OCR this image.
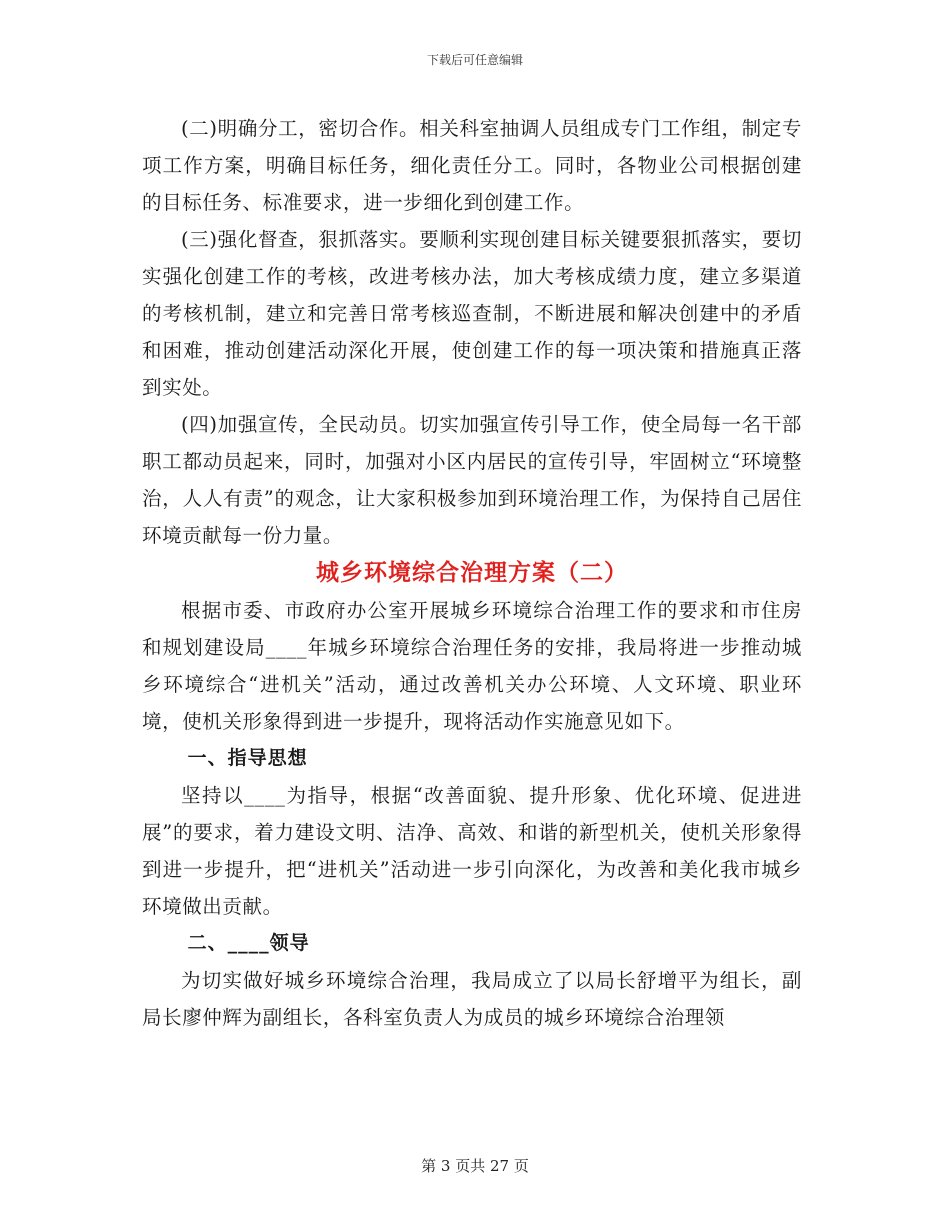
下载后可任意编辑

(二)明确分工，密切合作。相关科室抽调人员组成专门工作组，制定专项工作方案，明确目标任务，细化责任分工。同时，各物业公司根据创建的目标任务、标准要求，进一步细化到创建工作。

(三)强化督查，狠抓落实。要顺利实现创建目标关键要狠抓落实，要切实强化创建工作的考核，改进考核办法，加大考核成绩力度，建立多渠道的考核机制，建立和完善日常考核巡查制，不断进展和解决创建中的矛盾和困难，推动创建活动深化开展，使创建工作的每一项决策和措施真正落到实处。

(四)加强宣传，全民动员。切实加强宣传引导工作，使全局每一名干部职工都动员起来，同时，加强对小区内居民的宣传引导，牢固树立“环境整治，人人有责”的观念，让大家积极参加到环境治理工作，为保持自己居住环境贡献每一份力量。

城乡环境综合治理方案（二）

根据市委、市政府办公室开展城乡环境综合治理工作的要求和市住房和规划建设局____年城乡环境综合治理任务的安排，我局将进一步推动城乡环境综合“进机关”活动，通过改善机关办公环境、人文环境、职业环境，使机关形象得到进一步提升，现将活动作实施意见如下。

一、指导思想

坚持以____为指导，根据“改善面貌、提升形象、优化环境、促进进展”的要求，着力建设文明、洁净、高效、和谐的新型机关，使机关形象得到进一步提升，把“进机关”活动进一步引向深化，为改善和美化我市城乡环境做出贡献。

二、____领导

为切实做好城乡环境综合治理，我局成立了以局长舒增平为组长，副局长廖仲辉为副组长，各科室负责人为成员的城乡环境综合治理领

第 3 页共 27 页
